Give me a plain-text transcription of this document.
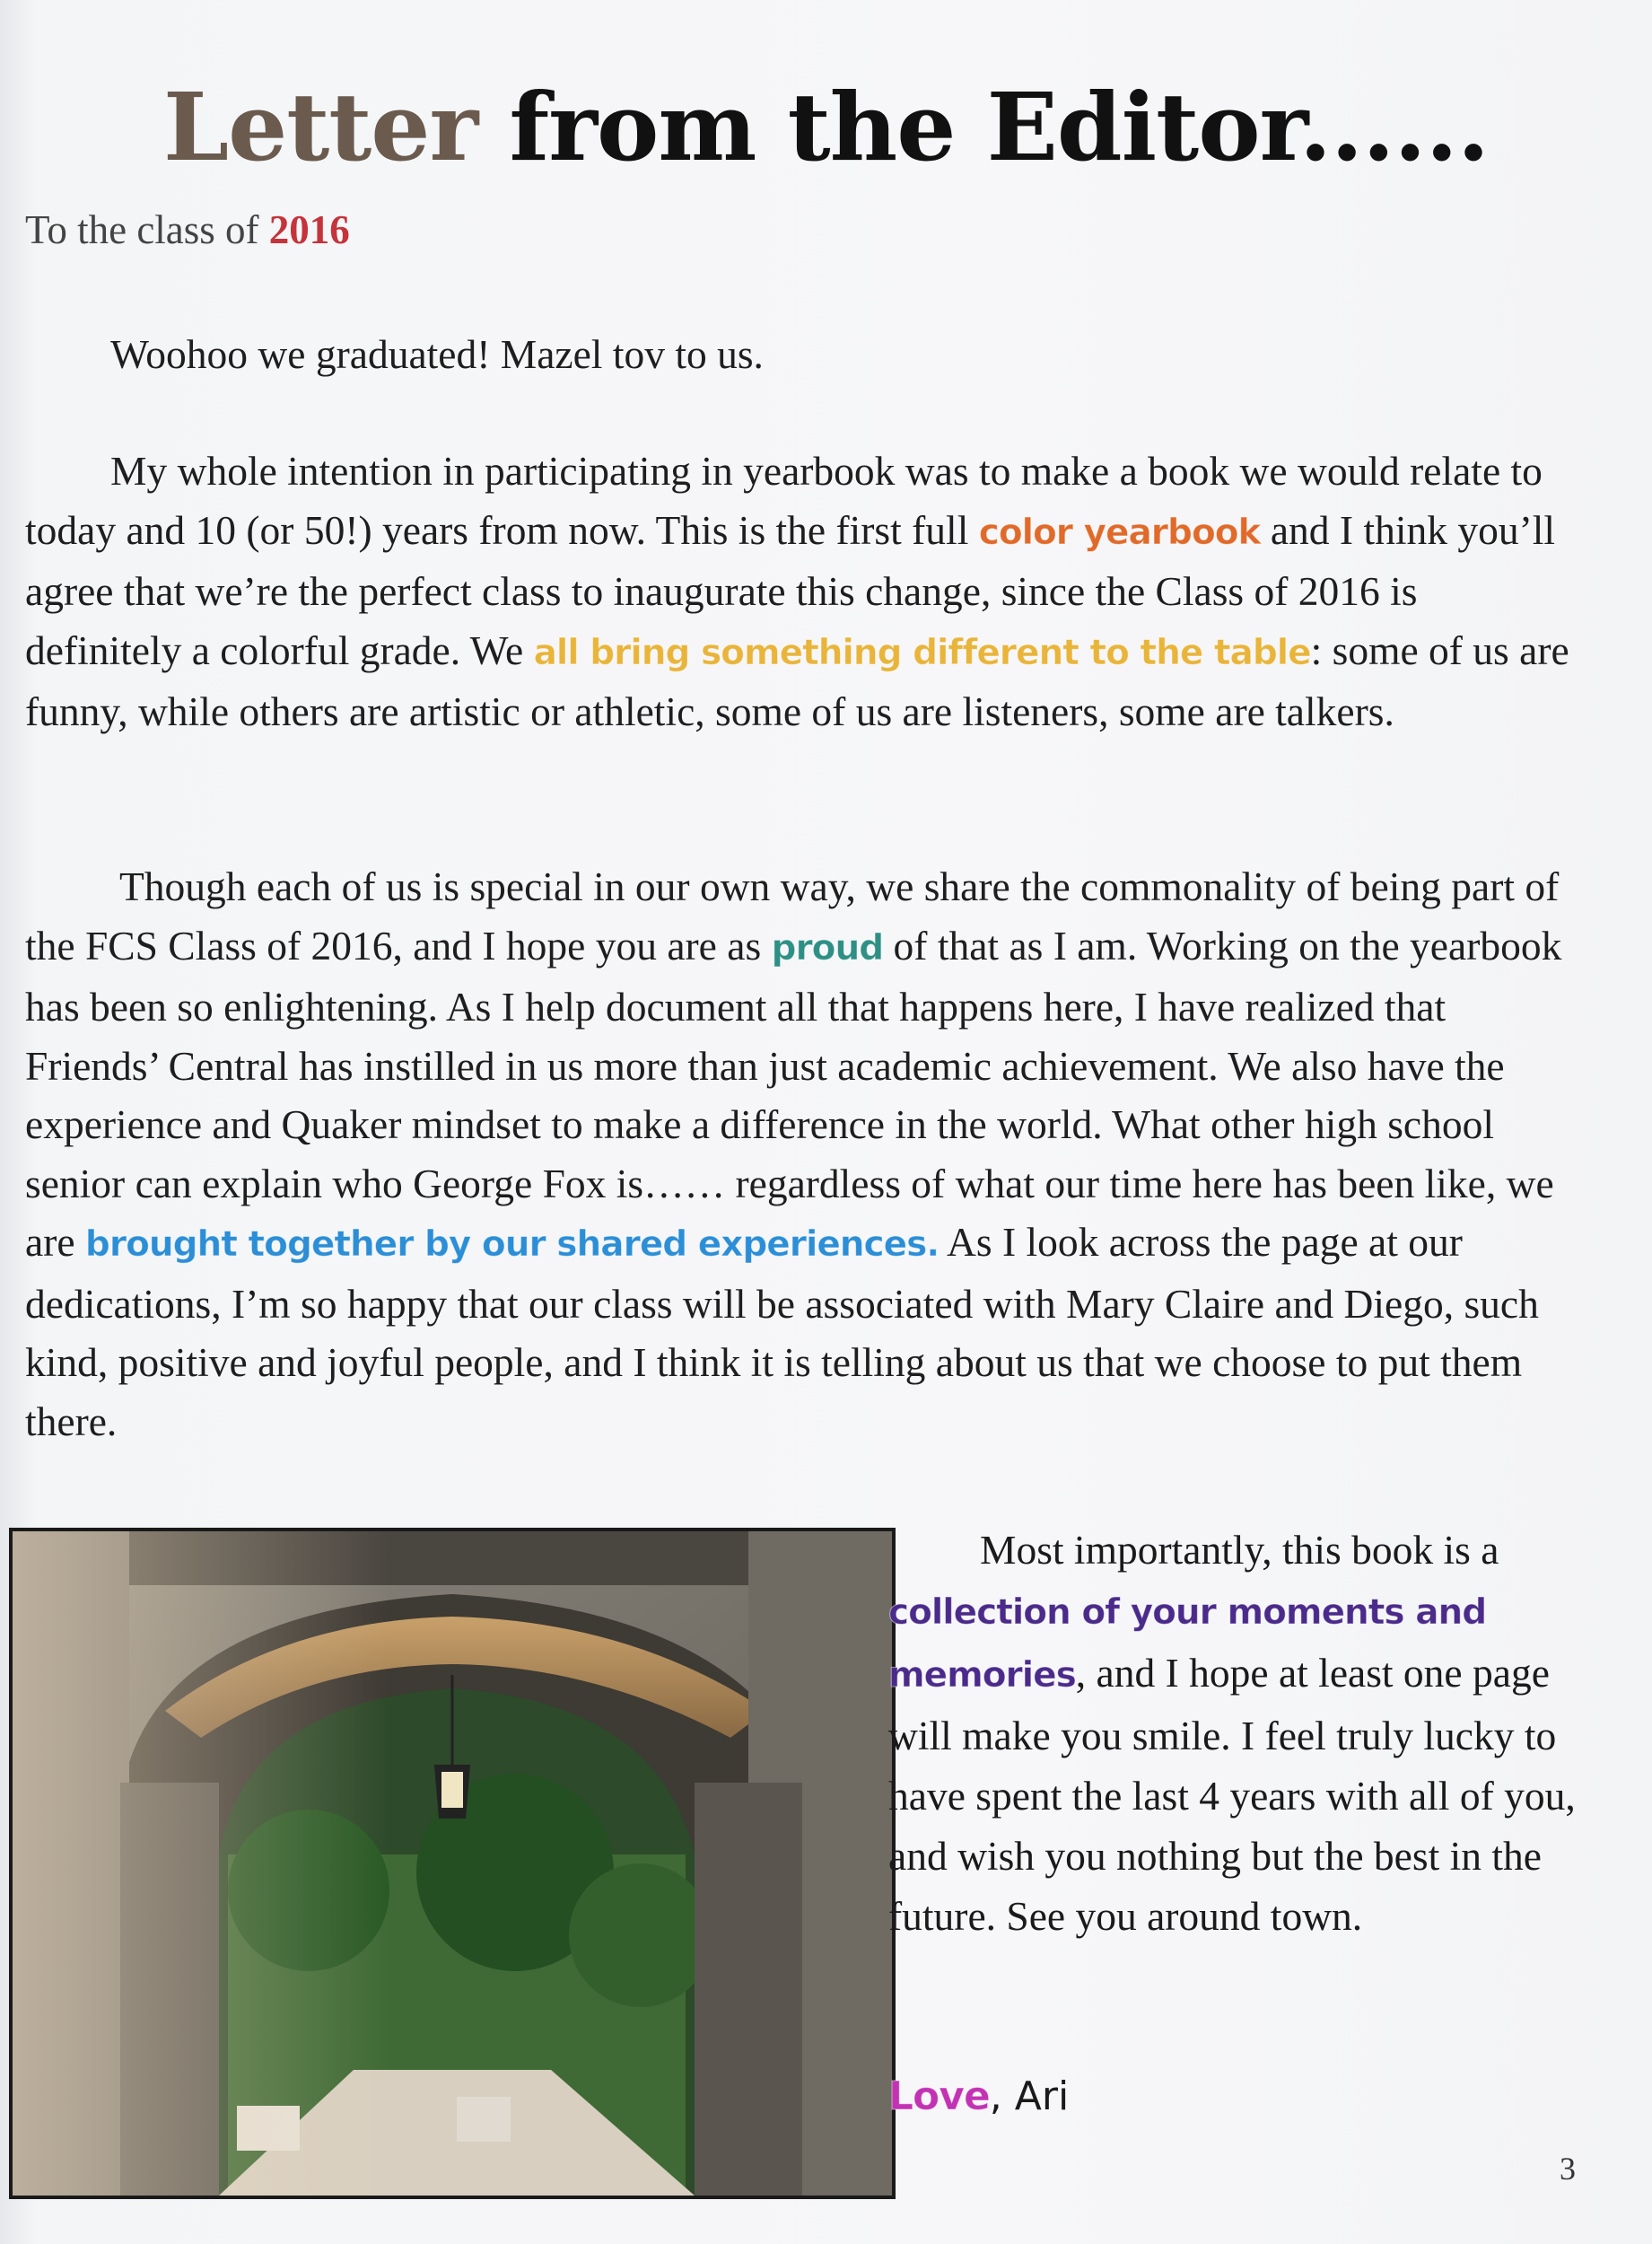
Letter from the Editor......
To the class of 2016
Woohoo we graduated! Mazel tov to us.
My whole intention in participating in yearbook was to make a book we would relate to today and 10 (or 50!) years from now. This is the first full color yearbook and I think you’ll agree that we’re the perfect class to inaugurate this change, since the Class of 2016 is definitely a colorful grade. We all bring something different to the table: some of us are funny, while others are artistic or athletic, some of us are listeners, some are talkers.
Though each of us is special in our own way, we share the commonality of being part of the FCS Class of 2016, and I hope you are as proud of that as I am. Working on the yearbook has been so enlightening. As I help document all that happens here, I have realized that Friends’ Central has instilled in us more than just academic achievement. We also have the experience and Quaker mindset to make a difference in the world. What other high school senior can explain who George Fox is…… regardless of what our time here has been like, we are brought together by our shared experiences. As I look across the page at our dedications, I’m so happy that our class will be associated with Mary Claire and Diego, such kind, positive and joyful people, and I think it is telling about us that we choose to put them there.
Most importantly, this book is a collection of your moments and memories, and I hope at least one page will make you smile. I feel truly lucky to have spent the last 4 years with all of you, and wish you nothing but the best in the future. See you around town.
Love, Ari
3
